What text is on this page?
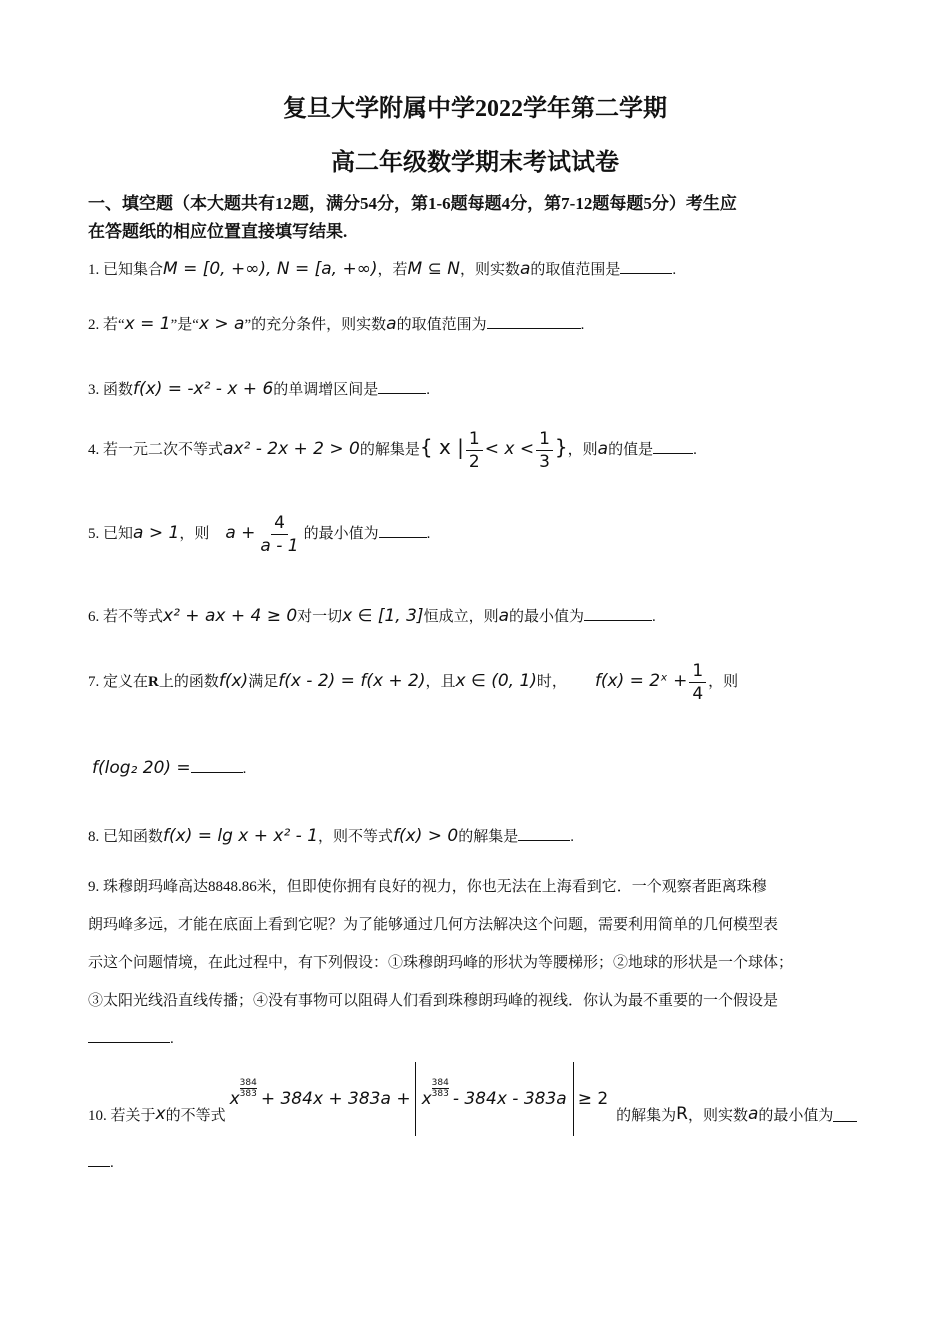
复旦大学附属中学2022学年第二学期
高二年级数学期末考试试卷
一、填空题（本大题共有12题，满分54分，第1-6题每题4分，第7-12题每题5分）考生应
在答题纸的相应位置直接填写结果.
1. 已知集合M = [0, +∞), N = [a, +∞)，若M ⊆ N，则实数a的取值范围是	.
2. 若“x = 1”是“x > a”的充分条件，则实数a的取值范围为	.
3. 函数f(x) = -x² - x + 6的单调增区间是	.
4. 若一元二次不等式ax² - 2x + 2 > 0的解集是{ x | $\frac{1}{2} < x < \frac{1}{3}$ }，则a的值是	.
5. 已知a > 1，则 $a + \frac{4}{a - 1}$ 的最小值为	.
6. 若不等式x² + ax + 4 ≥ 0对一切x ∈ [1, 3]恒成立，则a的最小值为	.
7. 定义在R上的函数f(x)满足f(x - 2) = f(x + 2)，且x ∈ (0, 1)时， f(x) = 2ˣ + $\frac{1}{4}$ ，则
f(log₂ 20) =	.
8. 已知函数f(x) = lg x + x² - 1，则不等式f(x) > 0的解集是	.
9. 珠穆朗玛峰高达8848.86米，但即使你拥有良好的视力，你也无法在上海看到它．一个观察者距离珠穆
朗玛峰多远，才能在底面上看到它呢？为了能够通过几何方法解决这个问题，需要利用简单的几何模型表
示这个问题情境，在此过程中，有下列假设：①珠穆朗玛峰的形状为等腰梯形；②地球的形状是一个球体；
③太阳光线沿直线传播；④没有事物可以阻碍人们看到珠穆朗玛峰的视线．你认为最不重要的一个假设是
.
10. 若关于 x 的不等式
x
384
383 + 384x + 383a + x
384
383 - 384x - 383a ≥ 2
的解集为 R ，则实数 a 的最小值为
.
